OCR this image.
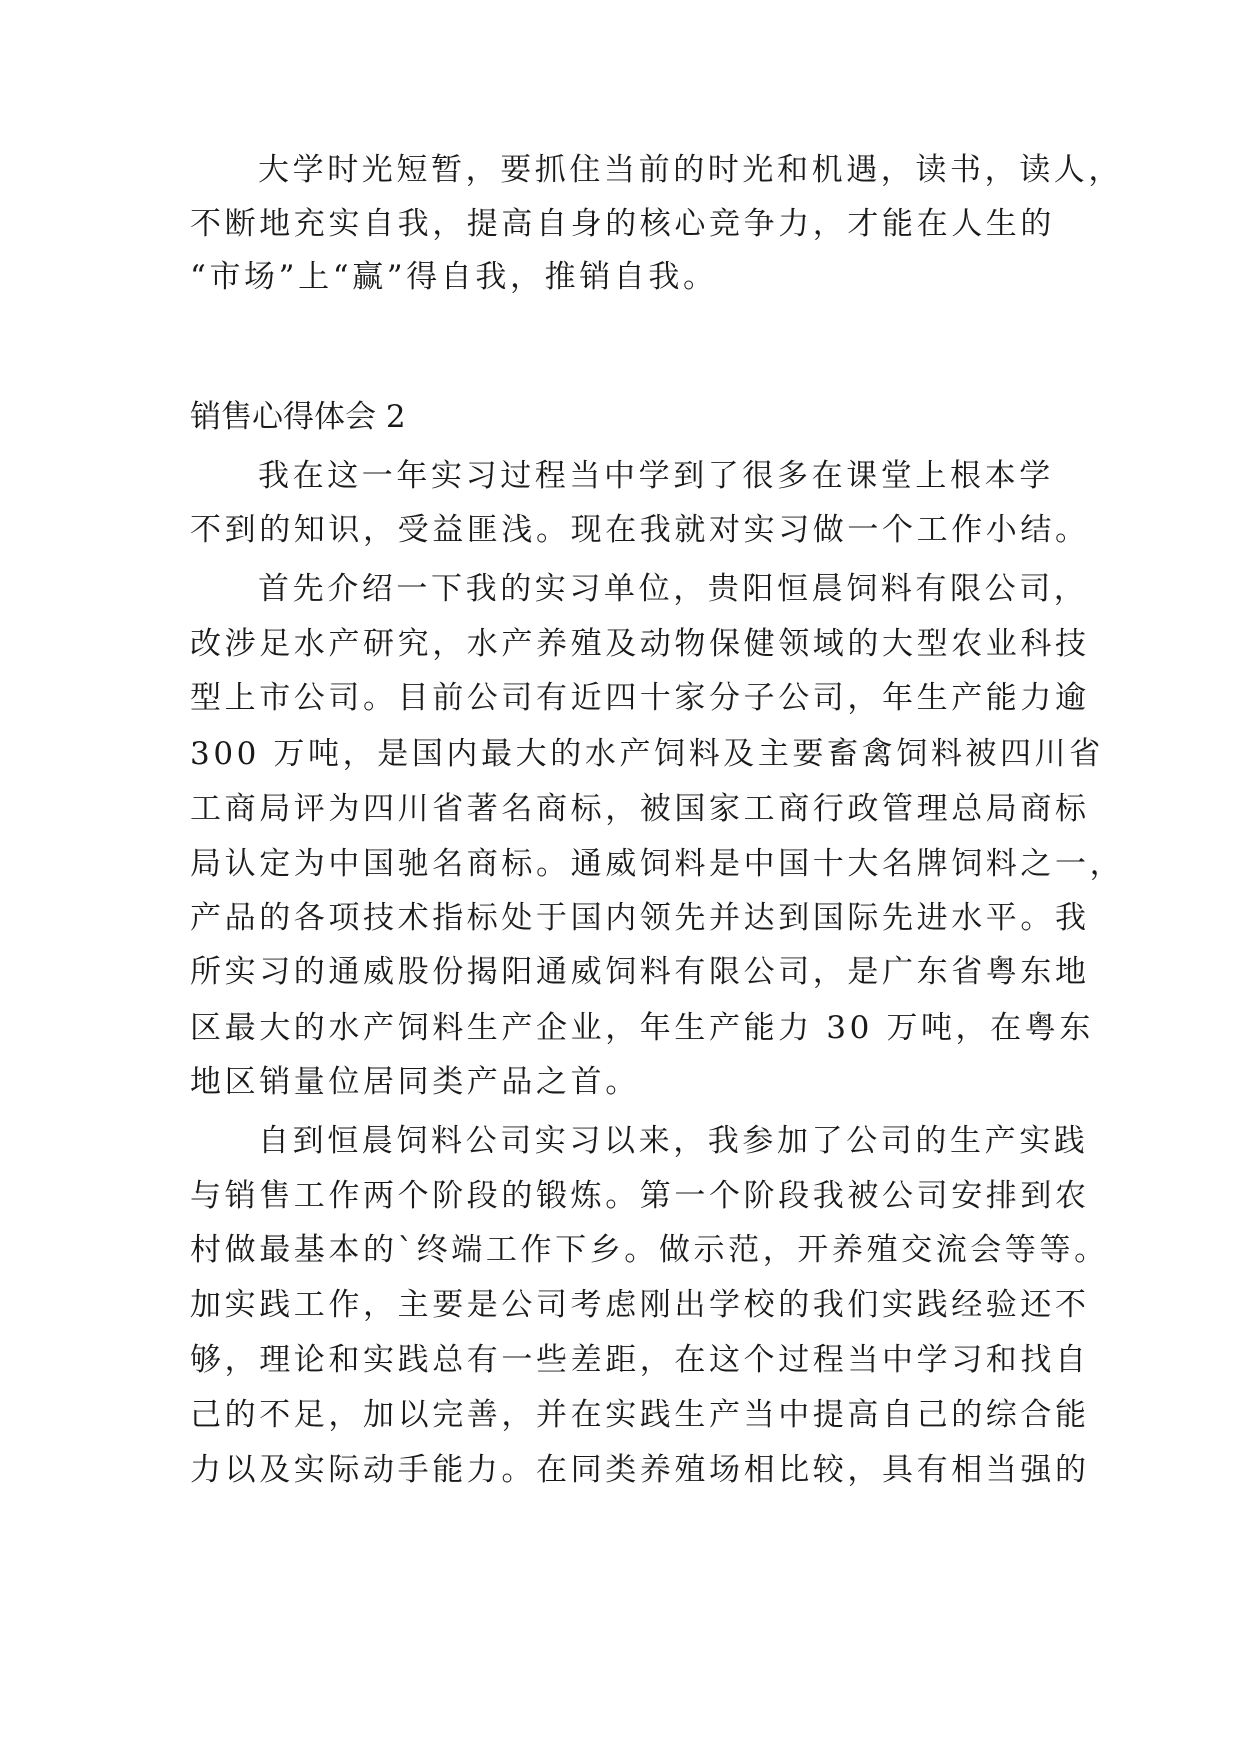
大学时光短暂，要抓住当前的时光和机遇，读书，读人，
不断地充实自我，提高自身的核心竞争力，才能在人生的
“市场”上“赢”得自我，推销自我。
销售心得体会 2
我在这一年实习过程当中学到了很多在课堂上根本学
不到的知识，受益匪浅。现在我就对实习做一个工作小结。
首先介绍一下我的实习单位，贵阳恒晨饲料有限公司，
改涉足水产研究，水产养殖及动物保健领域的大型农业科技
型上市公司。目前公司有近四十家分子公司，年生产能力逾
300 万吨，是国内最大的水产饲料及主要畜禽饲料被四川省
工商局评为四川省著名商标，被国家工商行政管理总局商标
局认定为中国驰名商标。通威饲料是中国十大名牌饲料之一，
产品的各项技术指标处于国内领先并达到国际先进水平。我
所实习的通威股份揭阳通威饲料有限公司，是广东省粤东地
区最大的水产饲料生产企业，年生产能力 30 万吨，在粤东
地区销量位居同类产品之首。
自到恒晨饲料公司实习以来，我参加了公司的生产实践
与销售工作两个阶段的锻炼。第一个阶段我被公司安排到农
村做最基本的`终端工作下乡。做示范，开养殖交流会等等。
加实践工作，主要是公司考虑刚出学校的我们实践经验还不
够，理论和实践总有一些差距，在这个过程当中学习和找自
己的不足，加以完善，并在实践生产当中提高自己的综合能
力以及实际动手能力。在同类养殖场相比较，具有相当强的
